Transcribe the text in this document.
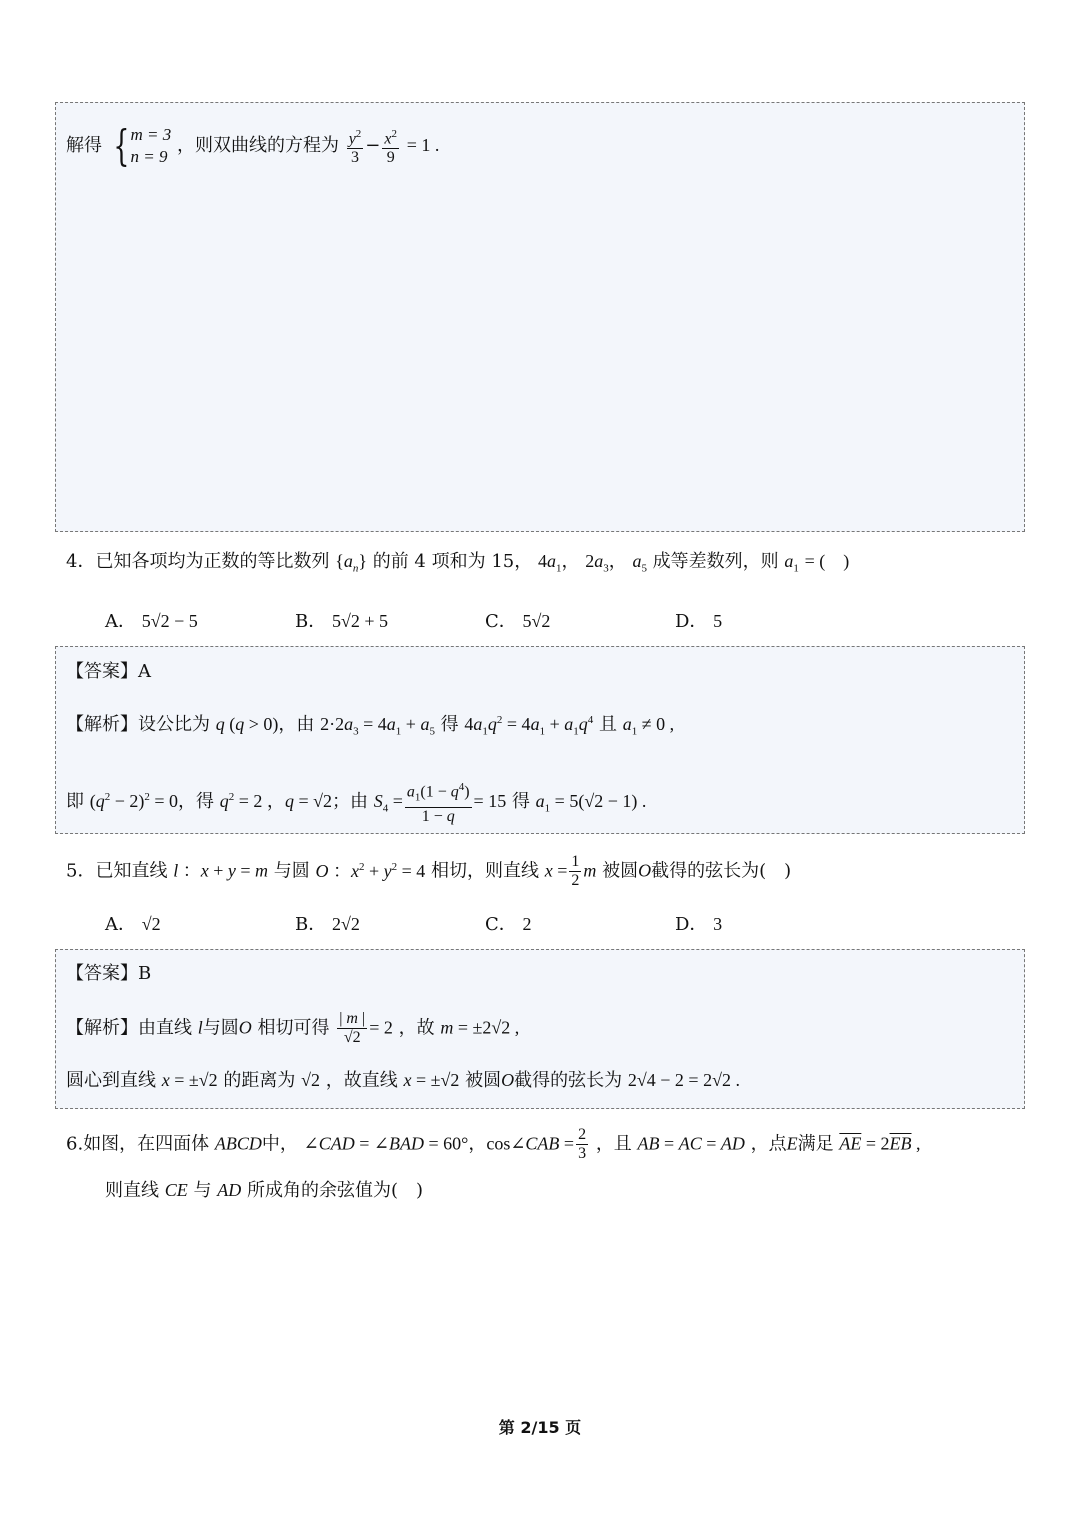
解得 {m = 3
n = 9 ，则双曲线的方程为 $\frac{y^2}{3} - \frac{x^2}{9} = 1$ .
4．已知各项均为正数的等比数列 $\{a_n\}$ 的前 4 项和为 15， $4a_1$， $2a_3$， $a_5$ 成等差数列，则 $a_1$ = (　)
A． 5√2 − 5	B． 5√2 + 5	C． 5√2	D． 5
【答案】A
【解析】设公比为 q (q > 0)，由 $2\cdot 2a_3 = 4a_1 + a_5$ 得 $4a_1q^2 = 4a_1 + a_1q^4$ 且 $a_1 \ne 0$ ,
即 $(q^2 - 2)^2 = 0$，得 $q^2 = 2$ ，q = √2；由 $S_4 = \frac{a_1(1 - q^4)}{1 - q} = 15$ 得 $a_1 = 5(√2 - 1)$ .
5．已知直线 l ：x + y = m 与圆 O ：$x^2 + y^2 = 4$ 相切，则直线 $x = \frac{1}{2}$ m 被圆O截得的弦长为(　)
A． √2	B． 2√2	C． 2	D． 3
【答案】B
【解析】由直线 l与圆O 相切可得 $\frac{| m |}{√2} = 2$ ，故 m = ±2√2 ,
圆心到直线 x = ±√2 的距离为 √2 ，故直线 x = ±√2 被圆O截得的弦长为 2√4 − 2 = 2√2 .
6.如图，在四面体 ABCD中， ∠CAD = ∠BAD = 60°，cos∠CAB = $\frac{2}{3}$ ，且 AB = AC = AD ，点E满足 $\overline{AE} = 2\overline{EB}$ ,
则直线 CE 与 AD 所成角的余弦值为(　)
第 2/15 页
